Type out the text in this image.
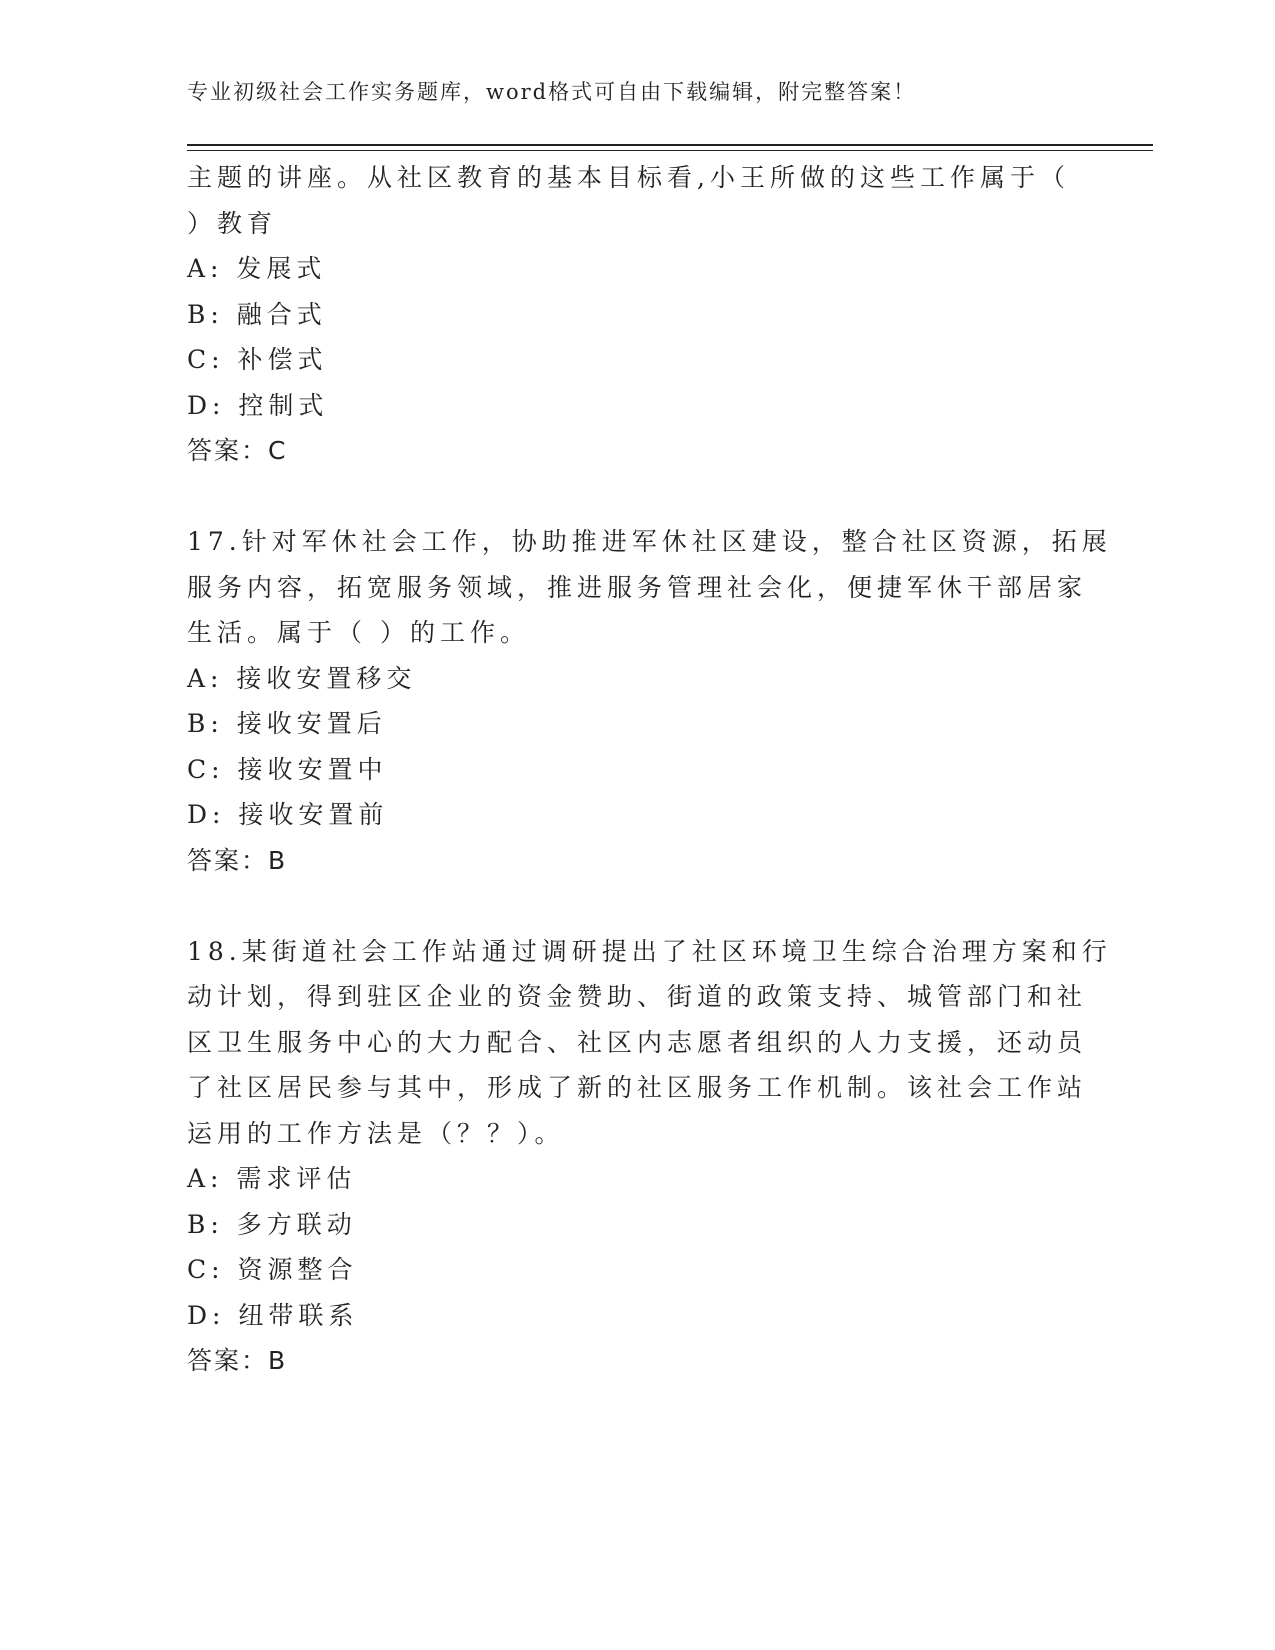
专业初级社会工作实务题库，word格式可自由下载编辑，附完整答案！
主题的讲座。从社区教育的基本目标看,小王所做的这些工作属于（
）教育
A: 发展式
B: 融合式
C: 补偿式
D: 控制式
答案：C
17.针对军休社会工作，协助推进军休社区建设，整合社区资源，拓展
服务内容，拓宽服务领域，推进服务管理社会化，便捷军休干部居家
生活。属于（ ）的工作。
A: 接收安置移交
B: 接收安置后
C: 接收安置中
D: 接收安置前
答案：B
18.某街道社会工作站通过调研提出了社区环境卫生综合治理方案和行
动计划，得到驻区企业的资金赞助、街道的政策支持、城管部门和社
区卫生服务中心的大力配合、社区内志愿者组织的人力支援，还动员
了社区居民参与其中，形成了新的社区服务工作机制。该社会工作站
运用的工作方法是（？？）。
A: 需求评估
B: 多方联动
C: 资源整合
D: 纽带联系
答案：B
